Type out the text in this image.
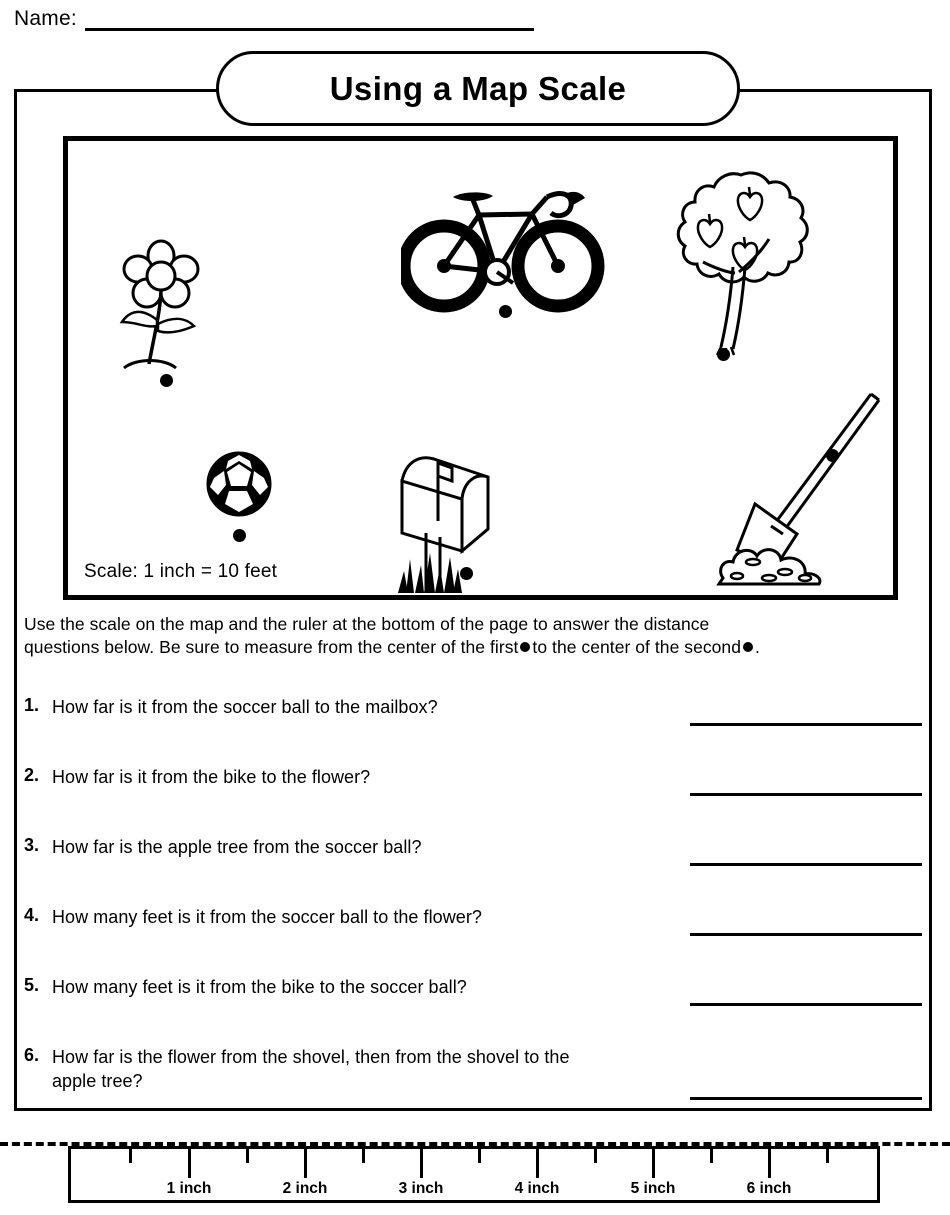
Name:
Using a Map Scale
Scale: 1 inch = 10 feet
Use the scale on the map and the ruler at the bottom of the page to answer the distance
questions below. Be sure to measure from the center of the first to the center of the second .
1. How far is it from the soccer ball to the mailbox?
2. How far is it from the bike to the flower?
3. How far is the apple tree from the soccer ball?
4. How many feet is it from the soccer ball to the flower?
5. How many feet is it from the bike to the soccer ball?
6. How far is the flower from the shovel, then from the shovel to the apple tree?
1 inch	2 inch	3 inch	4 inch	5 inch	6 inch
